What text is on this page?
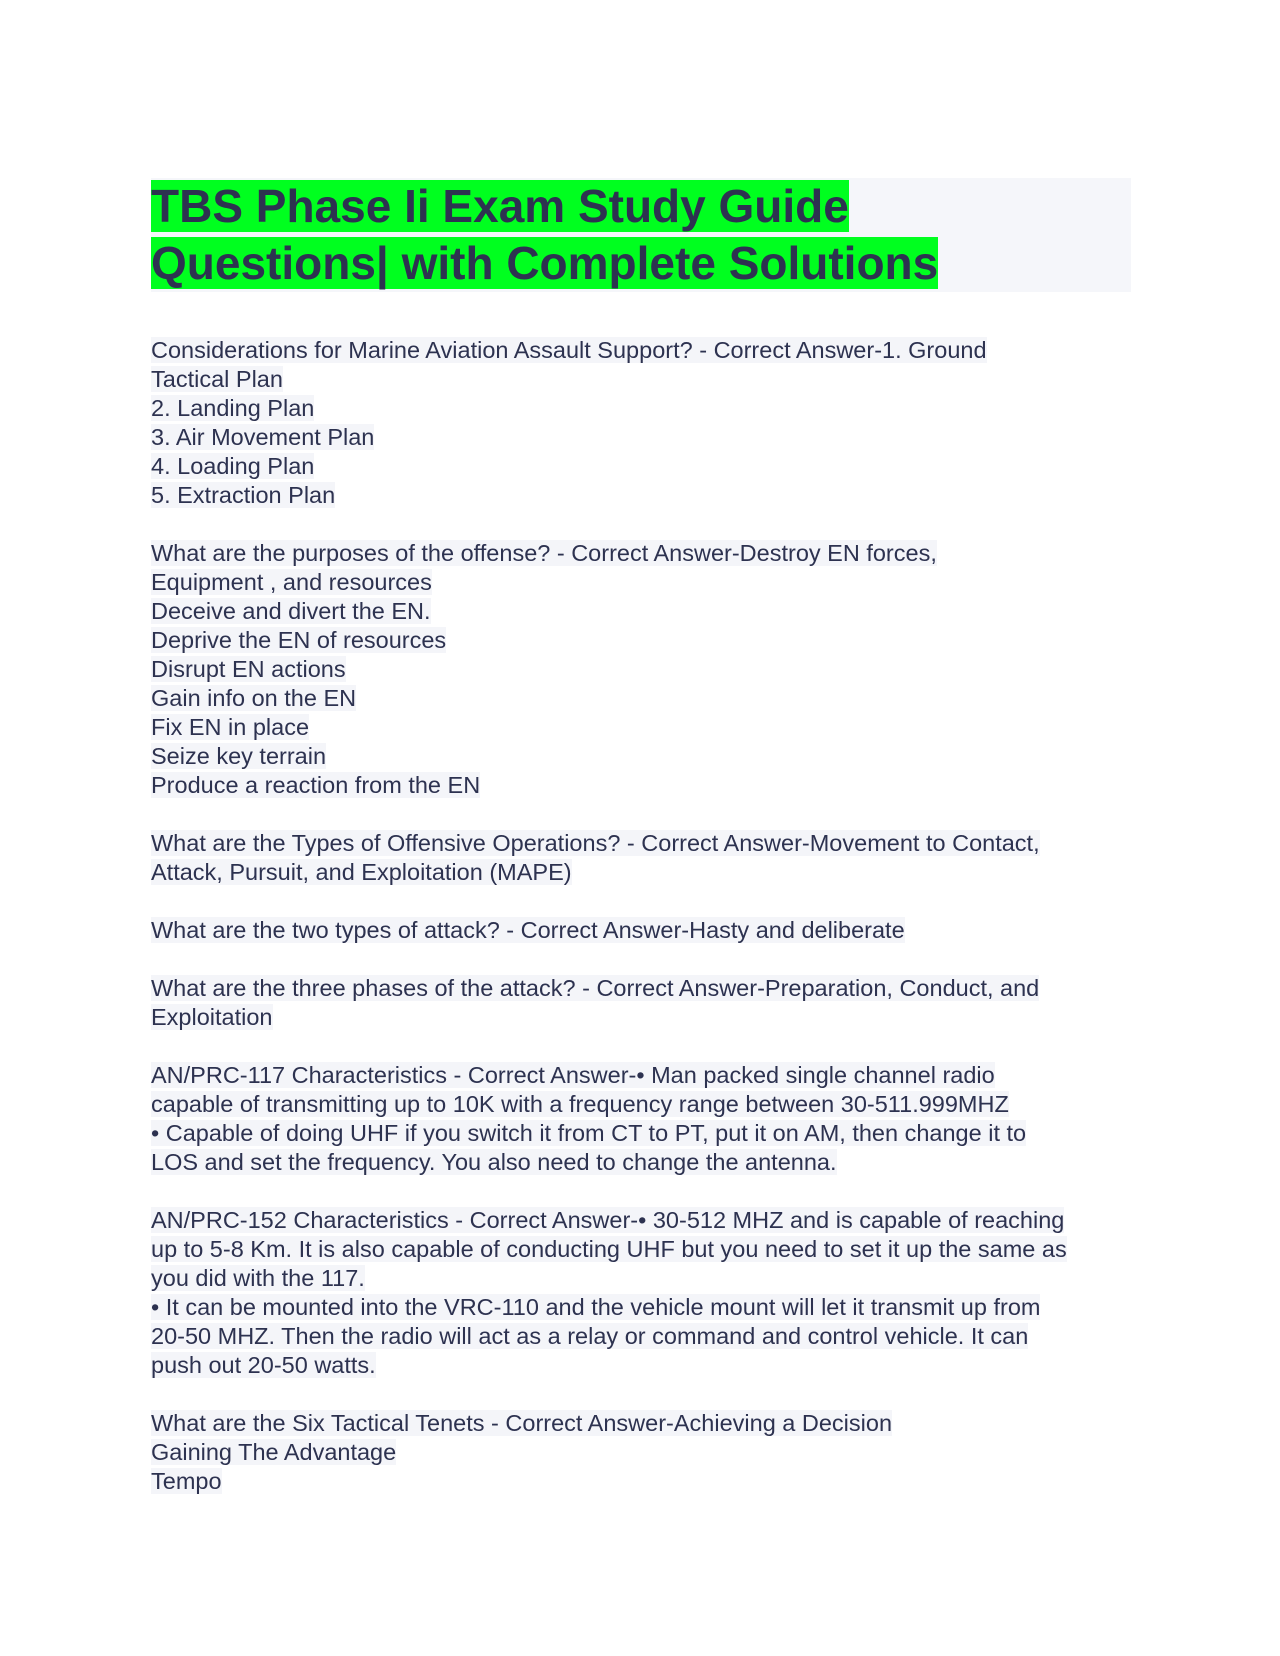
TBS Phase Ii Exam Study Guide
Questions| with Complete Solutions
Considerations for Marine Aviation Assault Support? - Correct Answer-1. Ground
Tactical Plan
2. Landing Plan
3. Air Movement Plan
4. Loading Plan
5. Extraction Plan
What are the purposes of the offense? - Correct Answer-Destroy EN forces,
Equipment , and resources
Deceive and divert the EN.
Deprive the EN of resources
Disrupt EN actions
Gain info on the EN
Fix EN in place
Seize key terrain
Produce a reaction from the EN
What are the Types of Offensive Operations? - Correct Answer-Movement to Contact,
Attack, Pursuit, and Exploitation (MAPE)
What are the two types of attack? - Correct Answer-Hasty and deliberate
What are the three phases of the attack? - Correct Answer-Preparation, Conduct, and
Exploitation
AN/PRC-117 Characteristics - Correct Answer-• Man packed single channel radio
capable of transmitting up to 10K with a frequency range between 30-511.999MHZ
• Capable of doing UHF if you switch it from CT to PT, put it on AM, then change it to
LOS and set the frequency. You also need to change the antenna.
AN/PRC-152 Characteristics - Correct Answer-• 30-512 MHZ and is capable of reaching
up to 5-8 Km. It is also capable of conducting UHF but you need to set it up the same as
you did with the 117.
• It can be mounted into the VRC-110 and the vehicle mount will let it transmit up from
20-50 MHZ. Then the radio will act as a relay or command and control vehicle. It can
push out 20-50 watts.
What are the Six Tactical Tenets - Correct Answer-Achieving a Decision
Gaining The Advantage
Tempo
